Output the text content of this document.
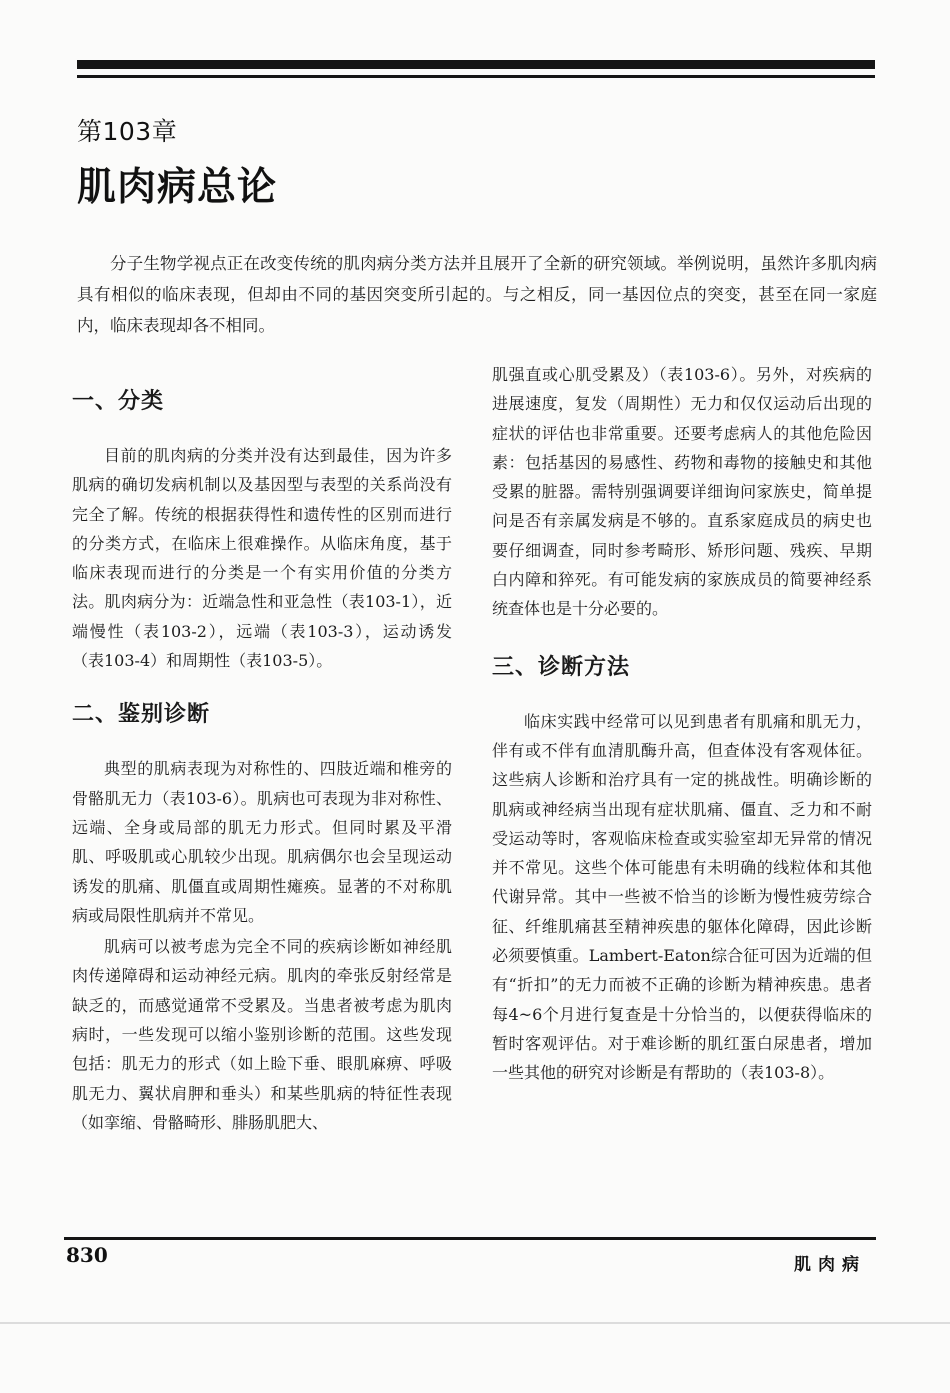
第103章
肌肉病总论

分子生物学视点正在改变传统的肌肉病分类方法并且展开了全新的研究领域。举例说明，虽然许多肌肉病具有相似的临床表现，但却由不同的基因突变所引起的。与之相反，同一基因位点的突变，甚至在同一家庭内，临床表现却各不相同。

一、分类

目前的肌肉病的分类并没有达到最佳，因为许多肌病的确切发病机制以及基因型与表型的关系尚没有完全了解。传统的根据获得性和遗传性的区别而进行的分类方式，在临床上很难操作。从临床角度，基于临床表现而进行的分类是一个有实用价值的分类方法。肌肉病分为：近端急性和亚急性（表103-1），近端慢性（表103-2），远端（表103-3），运动诱发（表103-4）和周期性（表103-5）。

二、鉴别诊断

典型的肌病表现为对称性的、四肢近端和椎旁的骨骼肌无力（表103-6）。肌病也可表现为非对称性、远端、全身或局部的肌无力形式。但同时累及平滑肌、呼吸肌或心肌较少出现。肌病偶尔也会呈现运动诱发的肌痛、肌僵直或周期性瘫痪。显著的不对称肌病或局限性肌病并不常见。

肌病可以被考虑为完全不同的疾病诊断如神经肌肉传递障碍和运动神经元病。肌肉的牵张反射经常是缺乏的，而感觉通常不受累及。当患者被考虑为肌肉病时，一些发现可以缩小鉴别诊断的范围。这些发现包括：肌无力的形式（如上睑下垂、眼肌麻痹、呼吸肌无力、翼状肩胛和垂头）和某些肌病的特征性表现（如挛缩、骨骼畸形、腓肠肌肥大、

肌强直或心肌受累及）（表103-6）。另外，对疾病的进展速度，复发（周期性）无力和仅仅运动后出现的症状的评估也非常重要。还要考虑病人的其他危险因素：包括基因的易感性、药物和毒物的接触史和其他受累的脏器。需特别强调要详细询问家族史，简单提问是否有亲属发病是不够的。直系家庭成员的病史也要仔细调查，同时参考畸形、矫形问题、残疾、早期白内障和猝死。有可能发病的家族成员的简要神经系统查体也是十分必要的。

三、诊断方法

临床实践中经常可以见到患者有肌痛和肌无力，伴有或不伴有血清肌酶升高，但查体没有客观体征。这些病人诊断和治疗具有一定的挑战性。明确诊断的肌病或神经病当出现有症状肌痛、僵直、乏力和不耐受运动等时，客观临床检查或实验室却无异常的情况并不常见。这些个体可能患有未明确的线粒体和其他代谢异常。其中一些被不恰当的诊断为慢性疲劳综合征、纤维肌痛甚至精神疾患的躯体化障碍，因此诊断必须要慎重。Lambert-Eaton综合征可因为近端的但有“折扣”的无力而被不正确的诊断为精神疾患。患者每4~6个月进行复查是十分恰当的，以便获得临床的暂时客观评估。对于难诊断的肌红蛋白尿患者，增加一些其他的研究对诊断是有帮助的（表103-8）。

830	肌肉病
